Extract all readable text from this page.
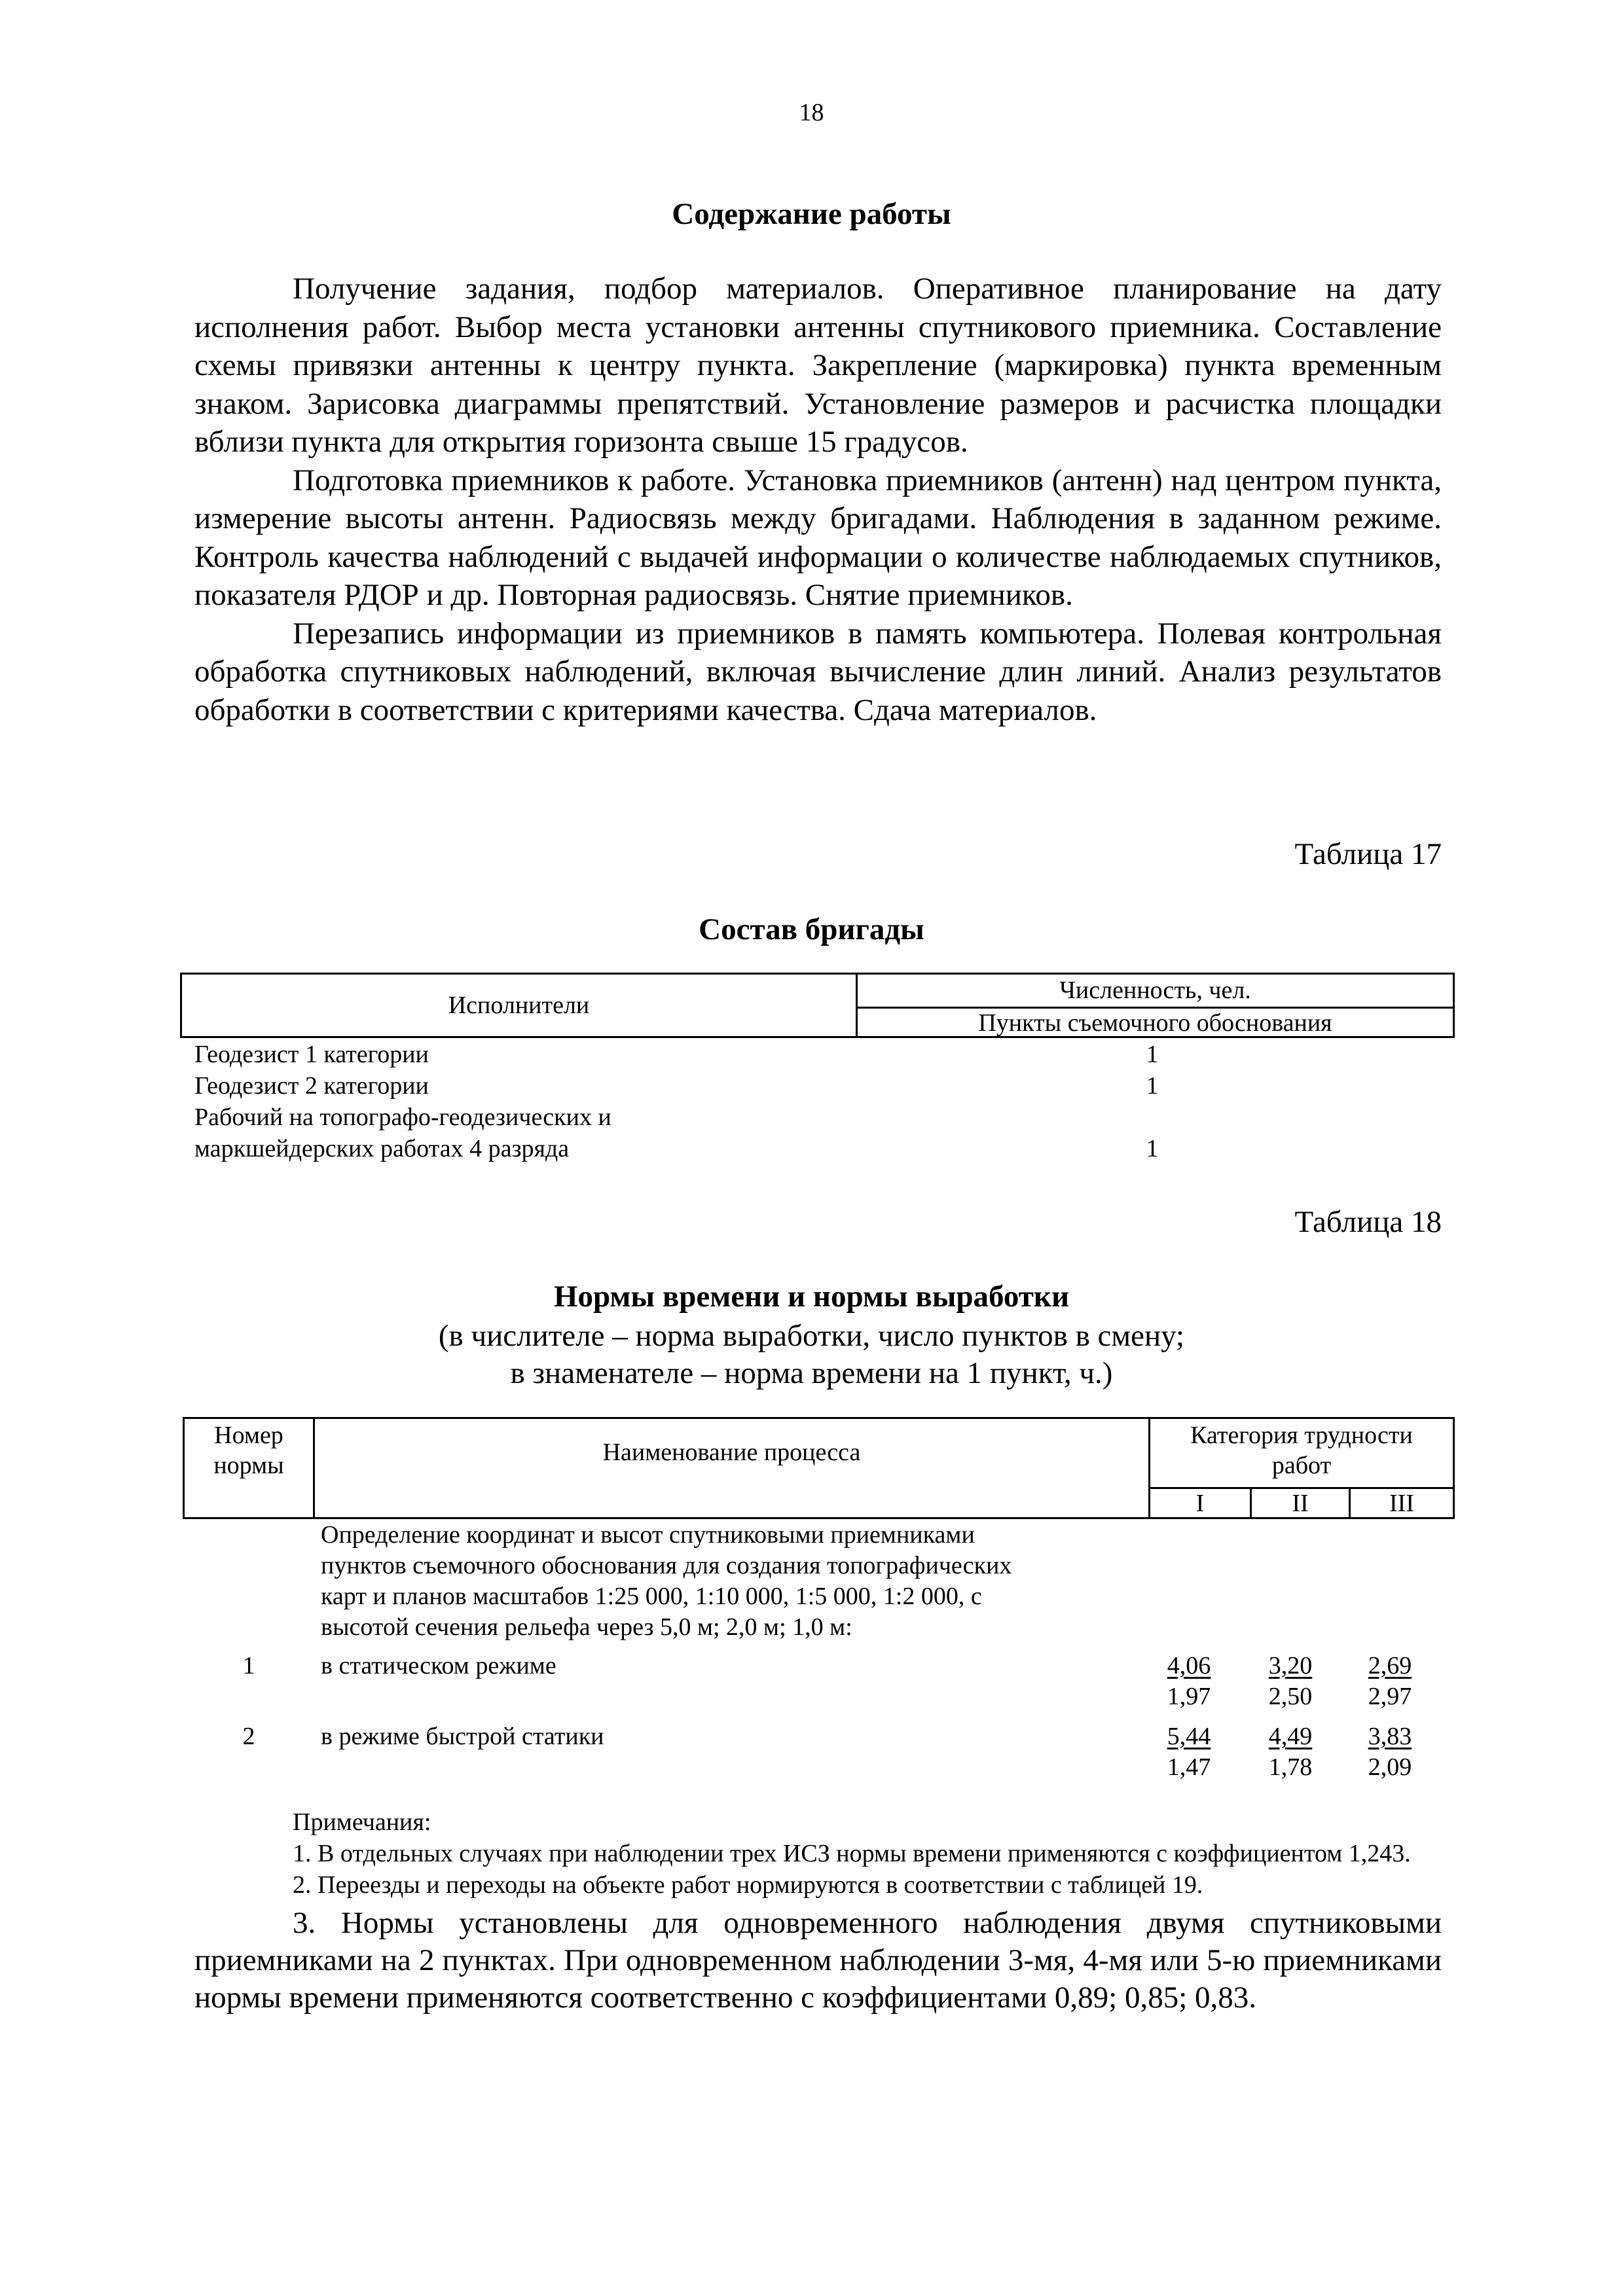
18
Содержание работы

Получение задания, подбор материалов. Оперативное планирование на дату исполнения работ. Выбор места установки антенны спутникового приемника. Составление схемы привязки антенны к центру пункта. Закрепление (маркировка) пункта временным знаком. Зарисовка диаграммы препятствий. Установление размеров и расчистка площадки вблизи пункта для открытия горизонта свыше 15 градусов.

Подготовка приемников к работе. Установка приемников (антенн) над центром пункта, измерение высоты антенн. Радиосвязь между бригадами. Наблюдения в заданном режиме. Контроль качества наблюдений с выдачей информации о количестве наблюдаемых спутников, показателя РДОР и др. Повторная радиосвязь. Снятие приемников.

Перезапись информации из приемников в память компьютера. Полевая контрольная обработка спутниковых наблюдений, включая вычисление длин линий. Анализ результатов обработки в соответствии с критериями качества. Сдача материалов.

Таблица 17
Состав бригады
Исполнители
Численность, чел.
Пункты съемочного обоснования
Геодезист 1 категории	1
Геодезист 2 категории	1
Рабочий на топографо-геодезических и
маркшейдерских работах 4 разряда	1
Таблица 18
Нормы времени и нормы выработки
(в числителе – норма выработки, число пунктов в смену;
в знаменателе – норма времени на 1 пункт, ч.)
Номер
нормы	Наименование процесса
Категория трудности
работ
I	II	III
Определение координат и высот спутниковыми приемниками
пунктов съемочного обоснования для создания топографических
карт и планов масштабов 1:25 000, 1:10 000, 1:5 000, 1:2 000, с
высотой сечения рельефа через 5,0 м; 2,0 м; 1,0 м:
1	в статическом режиме	$\frac{4,06}{1,97} \frac{3,20}{2,50} \frac{2,69}{2,97}$
2	в режиме быстрой статики	$\frac{5,44}{1,47} \frac{4,49}{1,78} \frac{3,83}{2,09}$

Примечания:

1. В отдельных случаях при наблюдении трех ИСЗ нормы времени применяются с коэффициентом 1,243.

2. Переезды и переходы на объекте работ нормируются в соответствии с таблицей 19.

3. Нормы установлены для одновременного наблюдения двумя спутниковыми приемниками на 2 пунктах. При одновременном наблюдении 3-мя, 4-мя или 5-ю приемниками нормы времени применяются соответственно с коэффициентами 0,89; 0,85; 0,83.
